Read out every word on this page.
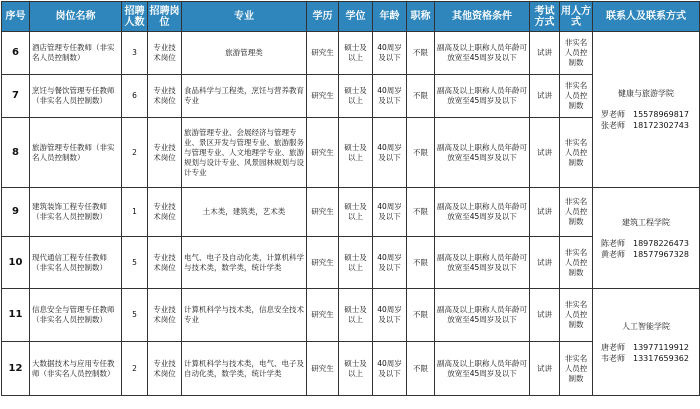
序号	岗位名称	招聘人数	招聘岗位	专业	学历	学位	年龄	职称	其他资格条件	考试方式	用人方式	联系人及联系方式
6	酒店管理专任教师（非实名人员控制数）	3	专业技术岗位	旅游管理类	研究生	硕士及以上	40周岁及以下	不限	副高及以上职称人员年龄可放宽至45周岁及以下	试讲	非实名人员控制数	健康与旅游学院
罗老师 15578969817
张老师 18172302743

7	烹饪与餐饮管理专任教师（非实名人员控制数）	6	专业技术岗位	食品科学与工程类，烹饪与营养教育专业	研究生	硕士及以上	40周岁及以下	不限	副高及以上职称人员年龄可放宽至45周岁及以下	试讲	非实名人员控制数	
8	旅游管理专任教师（非实名人员控制数）	2	专业技术岗位	旅游管理专业、会展经济与管理专业、景区开发与管理专业、旅游服务与管理专业、人文地理学专业、旅游规划与设计专业、风景园林规划与设计专业	研究生	硕士及以上	40周岁及以下	不限	副高及以上职称人员年龄可放宽至45周岁及以下	试讲	非实名人员控制数	
9	建筑装饰工程专任教师（非实名人员控制数）	1	专业技术岗位	土木类，建筑类，艺术类	研究生	硕士及以上	40周岁及以下	不限	副高及以上职称人员年龄可放宽至45周岁及以下	试讲	非实名人员控制数	建筑工程学院
陈老师 18978226473
黄老师 18577967328

10	现代通信工程专任教师（非实名人员控制数）	5	专业技术岗位	电气、电子及自动化类，计算机科学与技术类，数学类，统计学类	研究生	硕士及以上	40周岁及以下	不限	副高及以上职称人员年龄可放宽至45周岁及以下	试讲	非实名人员控制数	
11	信息安全与管理专任教师（非实名人员控制数）	5	专业技术岗位	计算机科学与技术类，信息安全技术专业	研究生	硕士及以上	40周岁及以下	不限	副高及以上职称人员年龄可放宽至45周岁及以下	试讲	非实名人员控制数	人工智能学院
唐老师 13977119912
韦老师 13317659362

12	大数据技术与应用专任教师（非实名人员控制数）	2	专业技术岗位	计算机科学与技术类，电气、电子及自动化类，数学类，统计学类	研究生	硕士及以上	40周岁及以下	不限	副高及以上职称人员年龄可放宽至45周岁及以下	试讲	非实名人员控制数	
